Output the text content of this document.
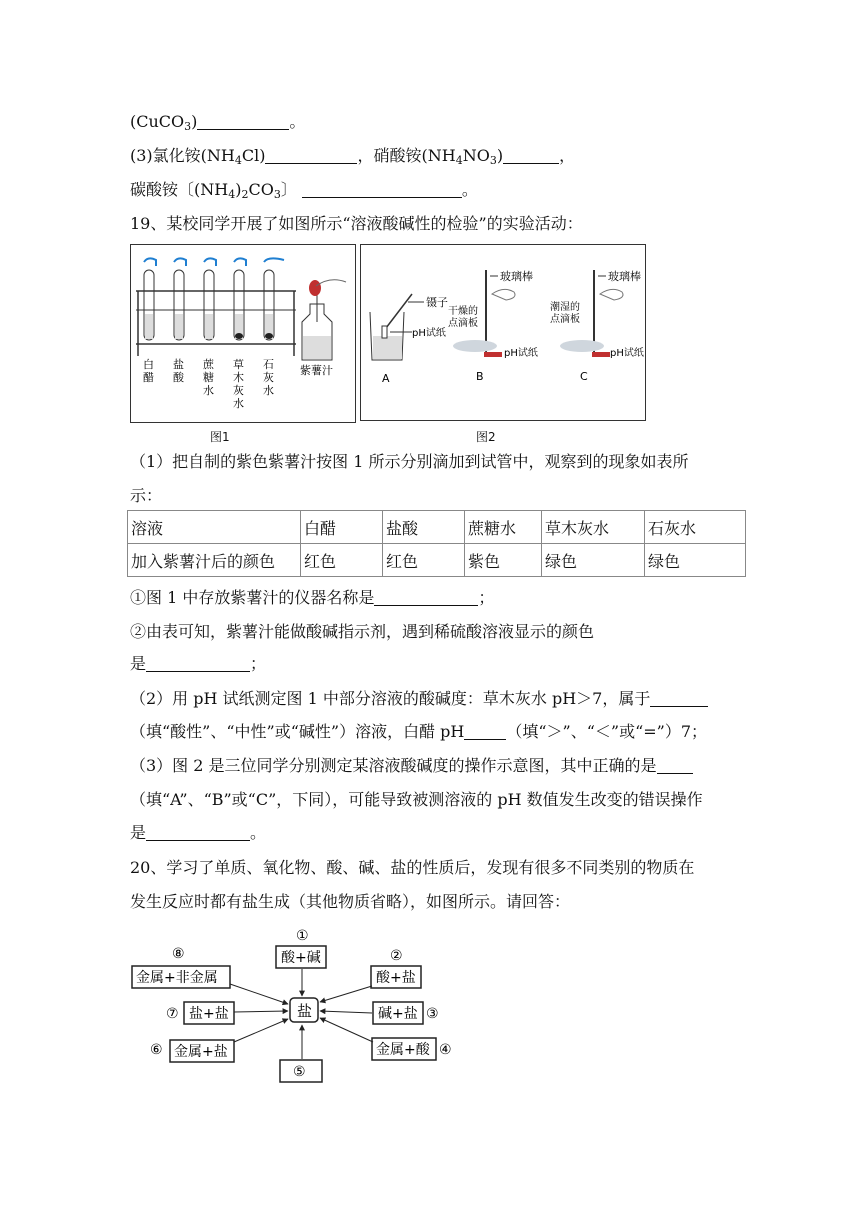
(CuCO$_3$)	。
(3)氯化铵$(NH_4Cl)$	，硝酸铵$(NH_4NO_3)$	，
碳酸铵〔$(NH_4)_2CO_3$〕	。
19、某校同学开展了如图所示“溶液酸碱性的检验”的实验活动：
白醋
盐酸
蔗糖水
草木灰水
石灰水
紫薯汁
图1
镊子
pH试纸
A
玻璃棒
干燥的点滴板
pH试纸
B
玻璃棒
潮湿的点滴板
pH试纸
C
图2
（1）把自制的紫色紫薯汁按图 1 所示分别滴加到试管中，观察到的现象如表所
示：
溶液	白醋	盐酸	蔗糖水	草木灰水	石灰水
加入紫薯汁后的颜色	红色	红色	紫色	绿色	绿色
①图 1 中存放紫薯汁的仪器名称是	；
②由表可知，紫薯汁能做酸碱指示剂，遇到稀硫酸溶液显示的颜色
是	；
（2）用 pH 试纸测定图 1 中部分溶液的酸碱度：草木灰水 pH＞7，属于
（填“酸性”、“中性”或“碱性”）溶液，白醋 pH	（填“＞”、“＜”或“=”）7；
（3）图 2 是三位同学分别测定某溶液酸碱度的操作示意图，其中正确的是
（填“A”、“B”或“C”，下同），可能导致被测溶液的 pH 数值发生改变的错误操作
是	。
20、学习了单质、氧化物、酸、碱、盐的性质后，发现有很多不同类别的物质在
发生反应时都有盐生成（其他物质省略），如图所示。请回答：
盐
①
酸+碱	②
酸+盐
碱+盐 ③
金属+酸 ④
⑤
⑥ 金属+盐
⑦ 盐+盐
⑧
金属+非金属
